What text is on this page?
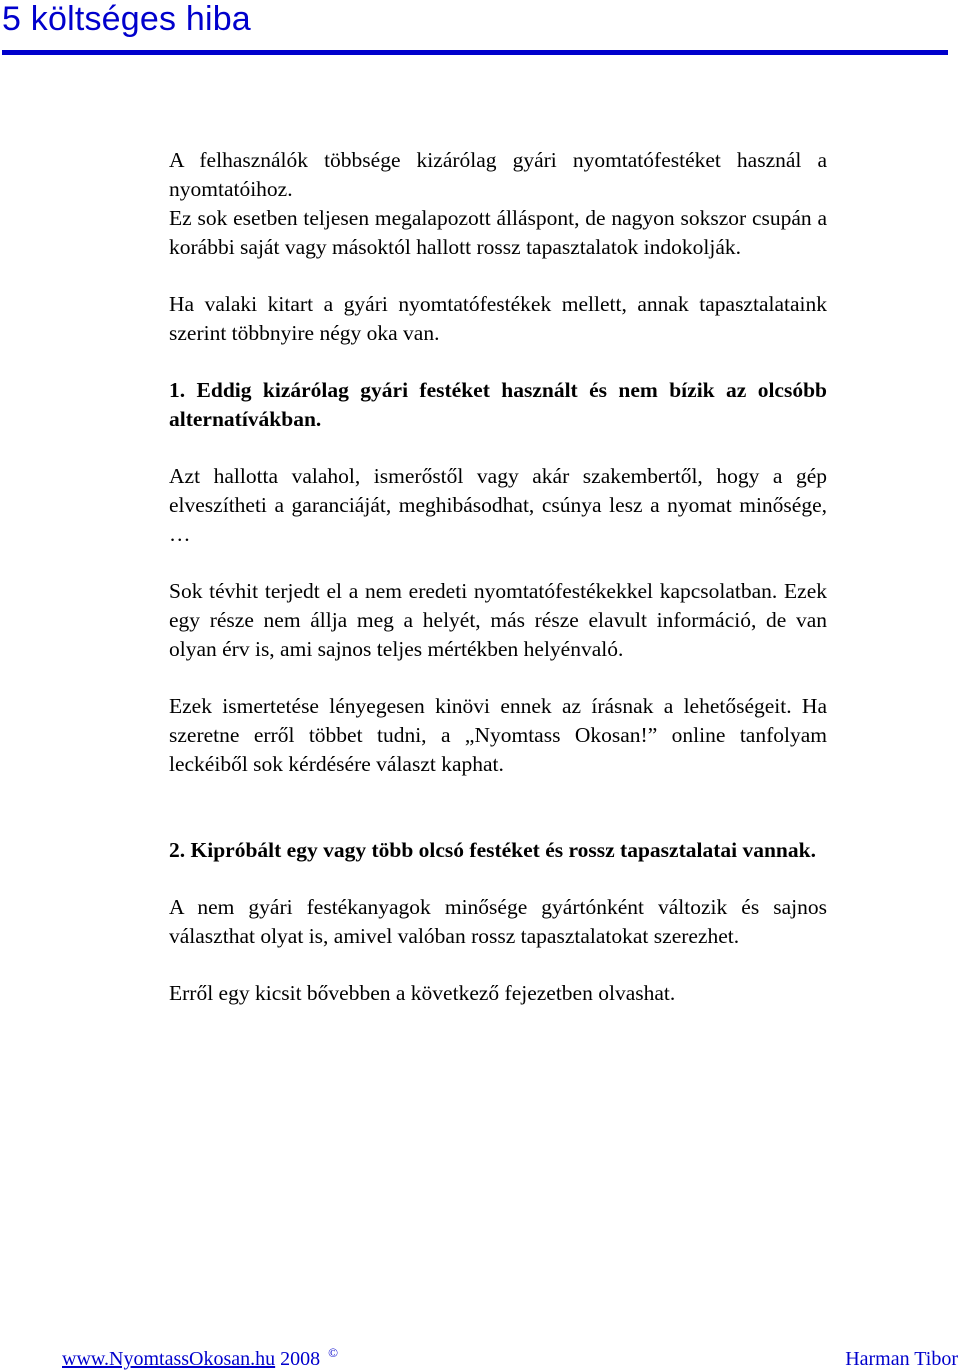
5 költséges hiba

A felhasználók többsége kizárólag gyári nyomtatófestéket használ a nyomtatóihoz.

Ez sok esetben teljesen megalapozott álláspont, de nagyon sokszor csupán a korábbi saját vagy másoktól hallott rossz tapasztalatok indokolják.

Ha valaki kitart a gyári nyomtatófestékek mellett, annak tapasztalataink szerint többnyire négy oka van.

1. Eddig kizárólag gyári festéket használt és nem bízik az olcsóbb alternatívákban.

Azt hallotta valahol, ismerőstől vagy akár szakembertől, hogy a gép elveszítheti a garanciáját, meghibásodhat, csúnya lesz a nyomat minősége, …

Sok tévhit terjedt el a nem eredeti nyomtatófestékekkel kapcsolatban. Ezek egy része nem állja meg a helyét, más része elavult információ, de van olyan érv is, ami sajnos teljes mértékben helyénvaló.

Ezek ismertetése lényegesen kinövi ennek az írásnak a lehetőségeit. Ha szeretne erről többet tudni, a „Nyomtass Okosan!” online tanfolyam leckéiből sok kérdésére választ kaphat.

2. Kipróbált egy vagy több olcsó festéket és rossz tapasztalatai vannak.

A nem gyári festékanyagok minősége gyártónként változik és sajnos választhat olyat is, amivel valóban rossz tapasztalatokat szerezhet.

Erről egy kicsit bővebben a következő fejezetben olvashat.

www.NyomtassOkosan.hu 2008 ©	Harman Tibor
